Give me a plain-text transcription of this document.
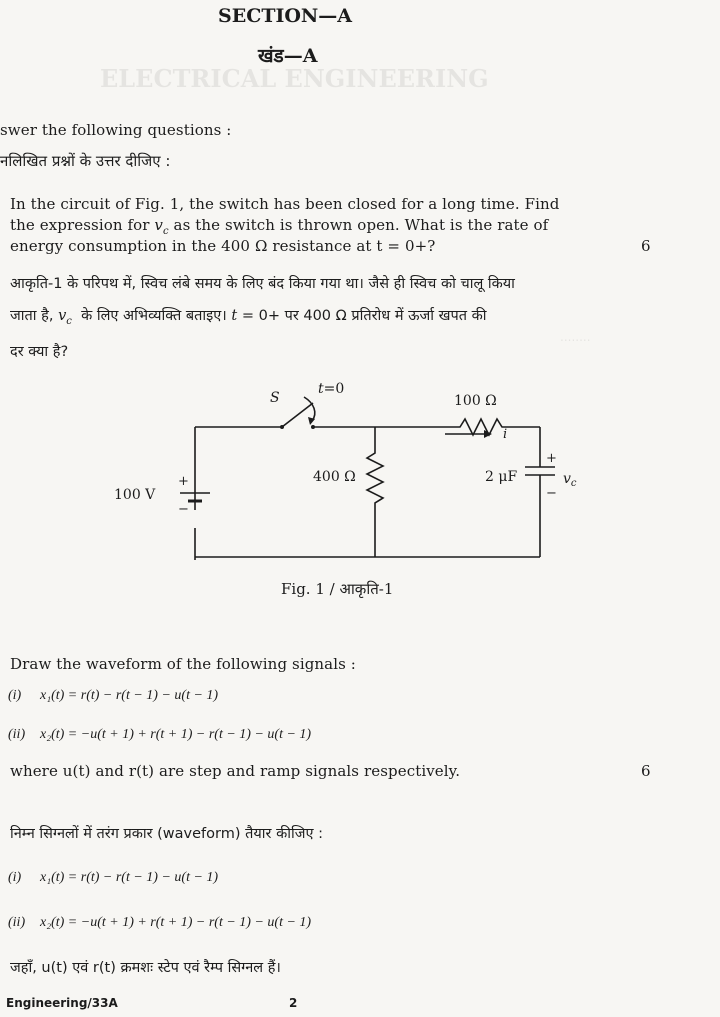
ELECTRICAL ENGINEERING
........
SECTION—A
खंड—A
swer the following questions :
नलिखित प्रश्नों के उत्तर दीजिए :
In the circuit of Fig. 1, the switch has been closed for a long time. Find
the expression for $v_c$ as the switch is thrown open. What is the rate of
energy consumption in the 400 Ω resistance at t = 0+?	6
आकृति-1 के परिपथ में, स्विच लंबे समय के लिए बंद किया गया था। जैसे ही स्विच को चालू किया
जाता है, $v_c$  के लिए अभिव्यक्ति बताइए। t = 0+ पर 400 Ω प्रतिरोध में ऊर्जा खपत की
दर क्या है?
S
t=0
100 Ω
i
400 Ω	2 μF
+
−
$v_c$
+
−
100 V
Fig. 1 / आकृति-1
Draw the waveform of the following signals :
(i) x₁(t) = r(t) − r(t − 1) − u(t − 1)
(ii) x₂(t) = −u(t + 1) + r(t + 1) − r(t − 1) − u(t − 1)
where u(t) and r(t) are step and ramp signals respectively.	6
निम्न सिग्नलों में तरंग प्रकार (waveform) तैयार कीजिए :
(i) x₁(t) = r(t) − r(t − 1) − u(t − 1)
(ii) x₂(t) = −u(t + 1) + r(t + 1) − r(t − 1) − u(t − 1)
जहाँ, u(t) एवं r(t) क्रमशः स्टेप एवं रैम्प सिग्नल हैं।
Engineering/33A	2
